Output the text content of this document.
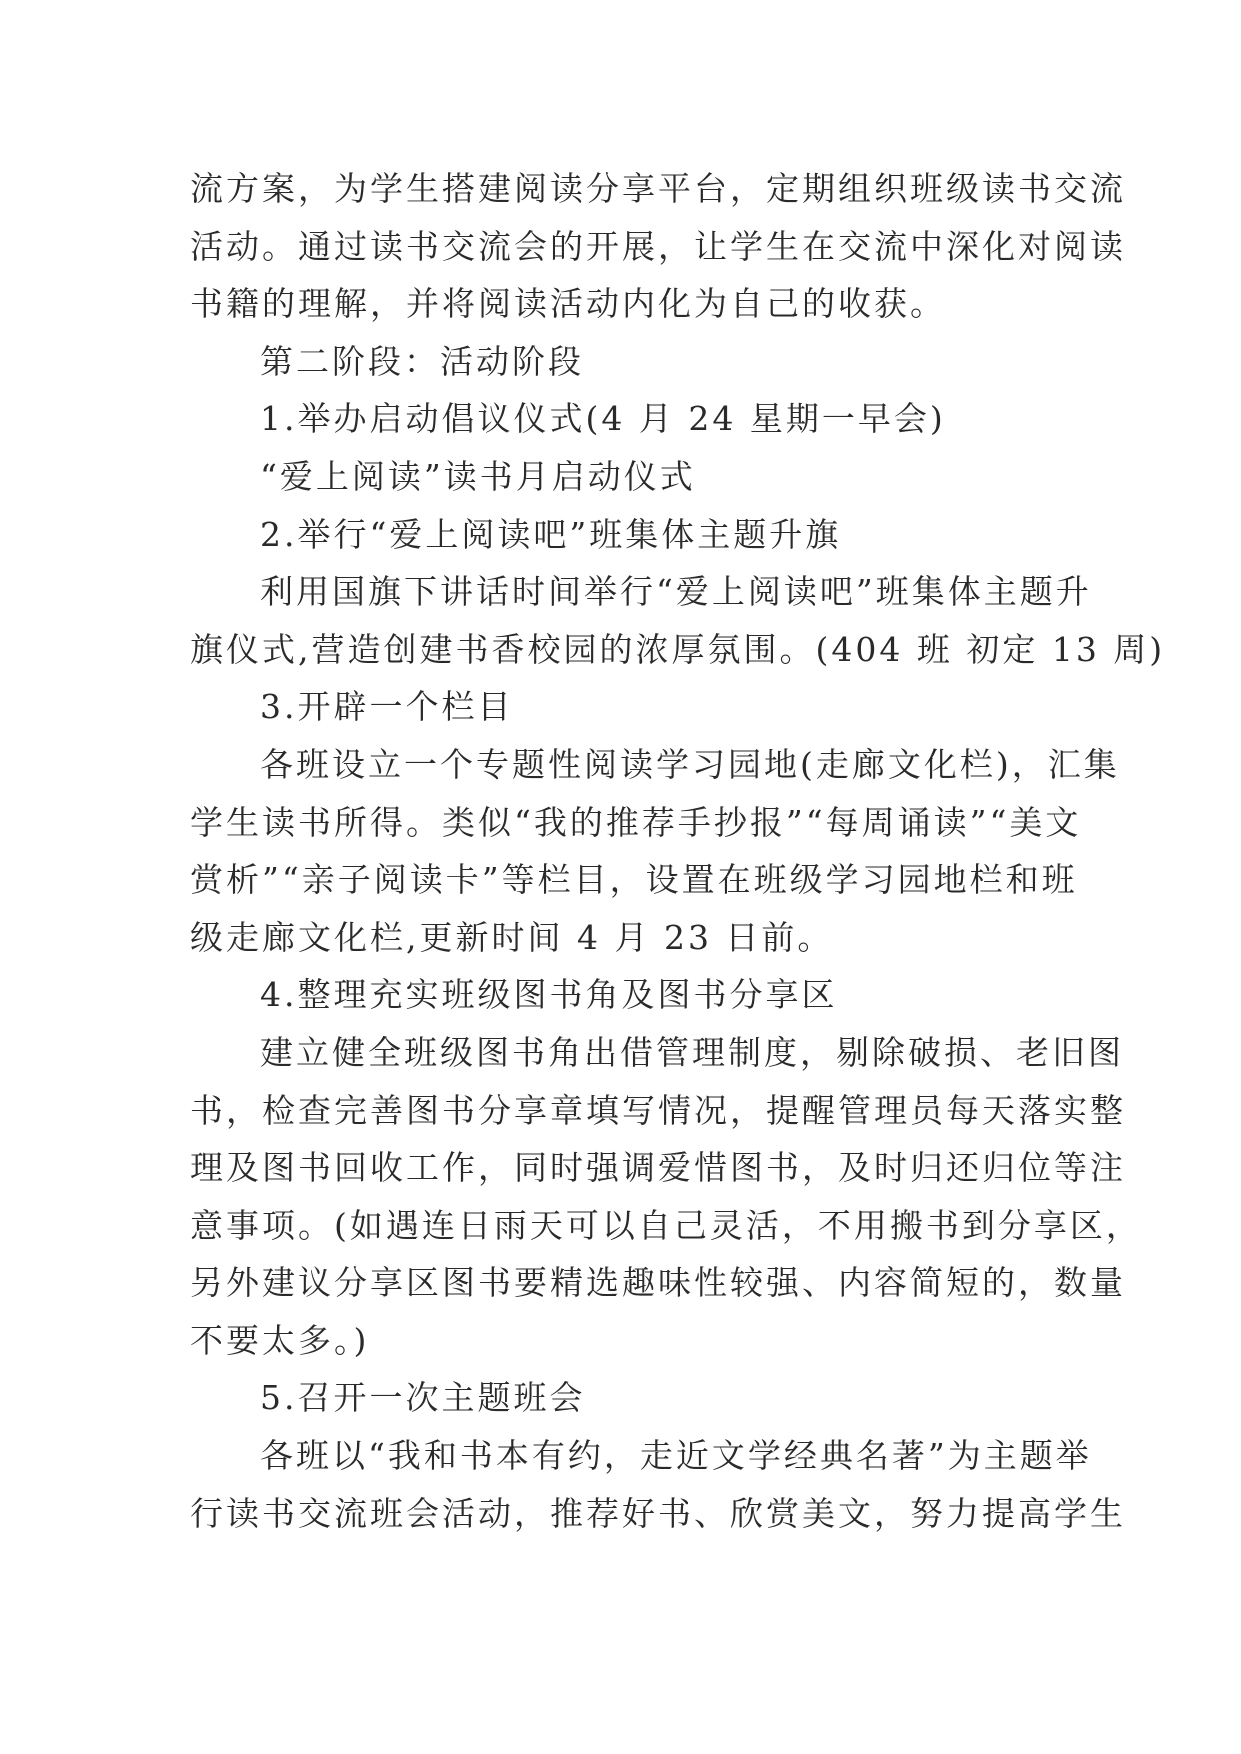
流方案，为学生搭建阅读分享平台，定期组织班级读书交流
活动。通过读书交流会的开展，让学生在交流中深化对阅读
书籍的理解，并将阅读活动内化为自己的收获。
第二阶段：活动阶段
1.举办启动倡议仪式(4 月 24 星期一早会)
“爱上阅读”读书月启动仪式
2.举行“爱上阅读吧”班集体主题升旗
利用国旗下讲话时间举行“爱上阅读吧”班集体主题升
旗仪式,营造创建书香校园的浓厚氛围。(404 班 初定 13 周)
3.开辟一个栏目
各班设立一个专题性阅读学习园地(走廊文化栏)，汇集
学生读书所得。类似“我的推荐手抄报”“每周诵读”“美文
赏析”“亲子阅读卡”等栏目，设置在班级学习园地栏和班
级走廊文化栏,更新时间 4 月 23 日前。
4.整理充实班级图书角及图书分享区
建立健全班级图书角出借管理制度，剔除破损、老旧图
书，检查完善图书分享章填写情况，提醒管理员每天落实整
理及图书回收工作，同时强调爱惜图书，及时归还归位等注
意事项。(如遇连日雨天可以自己灵活，不用搬书到分享区，
另外建议分享区图书要精选趣味性较强、内容简短的，数量
不要太多。)
5.召开一次主题班会
各班以“我和书本有约，走近文学经典名著”为主题举
行读书交流班会活动，推荐好书、欣赏美文，努力提高学生
